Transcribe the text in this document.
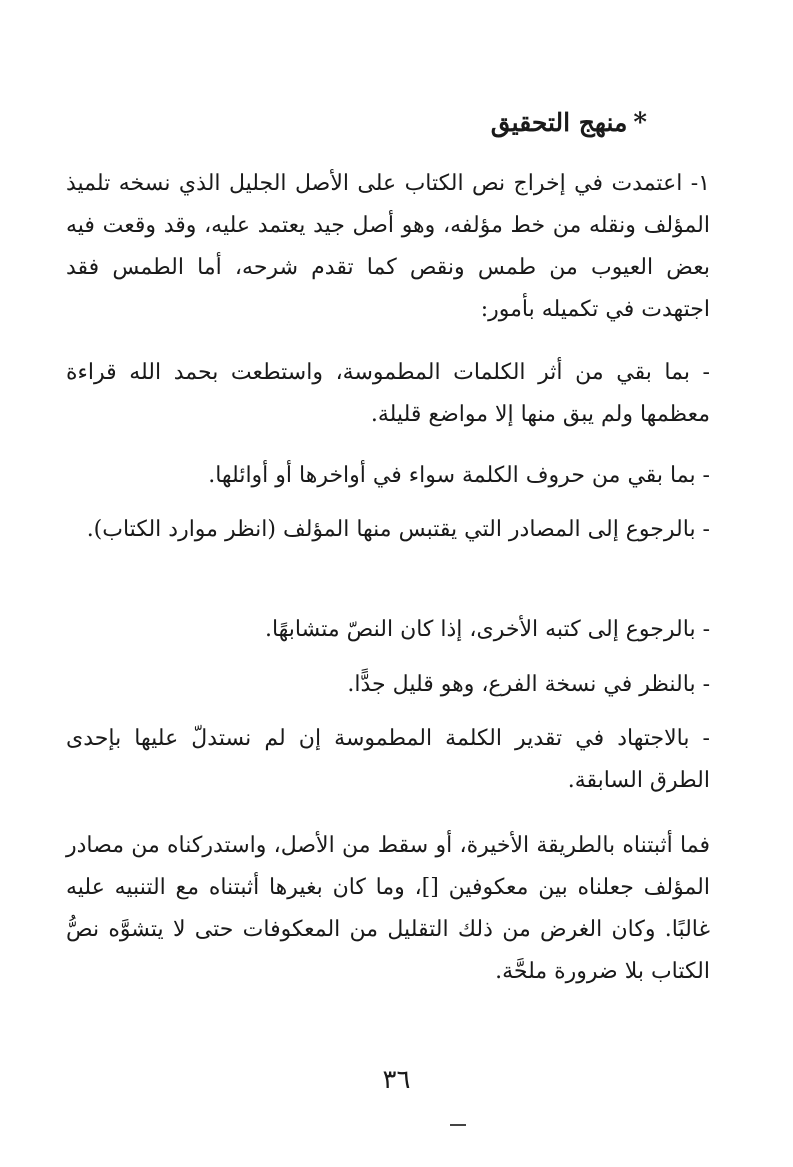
*منهج التحقيق

١- اعتمدت في إخراج نص الكتاب على الأصل الجليل الذي نسخه تلميذ المؤلف ونقله من خط مؤلفه، وهو أصل جيد يعتمد عليه، وقد وقعت فيه بعض العيوب من طمس ونقص كما تقدم شرحه، أما الطمس فقد اجتهدت في تكميله بأمور:

- بما بقي من أثر الكلمات المطموسة، واستطعت بحمد الله قراءة معظمها ولم يبق منها إلا مواضع قليلة.

- بما بقي من حروف الكلمة سواء في أواخرها أو أوائلها.

- بالرجوع إلى المصادر التي يقتبس منها المؤلف (انظر موارد الكتاب).

- بالرجوع إلى كتبه الأخرى، إذا كان النصّ متشابهًا.

- بالنظر في نسخة الفرع، وهو قليل جدًّا.

- بالاجتهاد في تقدير الكلمة المطموسة إن لم نستدلّ عليها بإحدى الطرق السابقة.

فما أثبتناه بالطريقة الأخيرة، أو سقط من الأصل، واستدركناه من مصادر المؤلف جعلناه بين معكوفين []، وما كان بغيرها أثبتناه مع التنبيه عليه غالبًا. وكان الغرض من ذلك التقليل من المعكوفات حتى لا يتشوَّه نصُّ الكتاب بلا ضرورة ملحَّة.

٣٦
